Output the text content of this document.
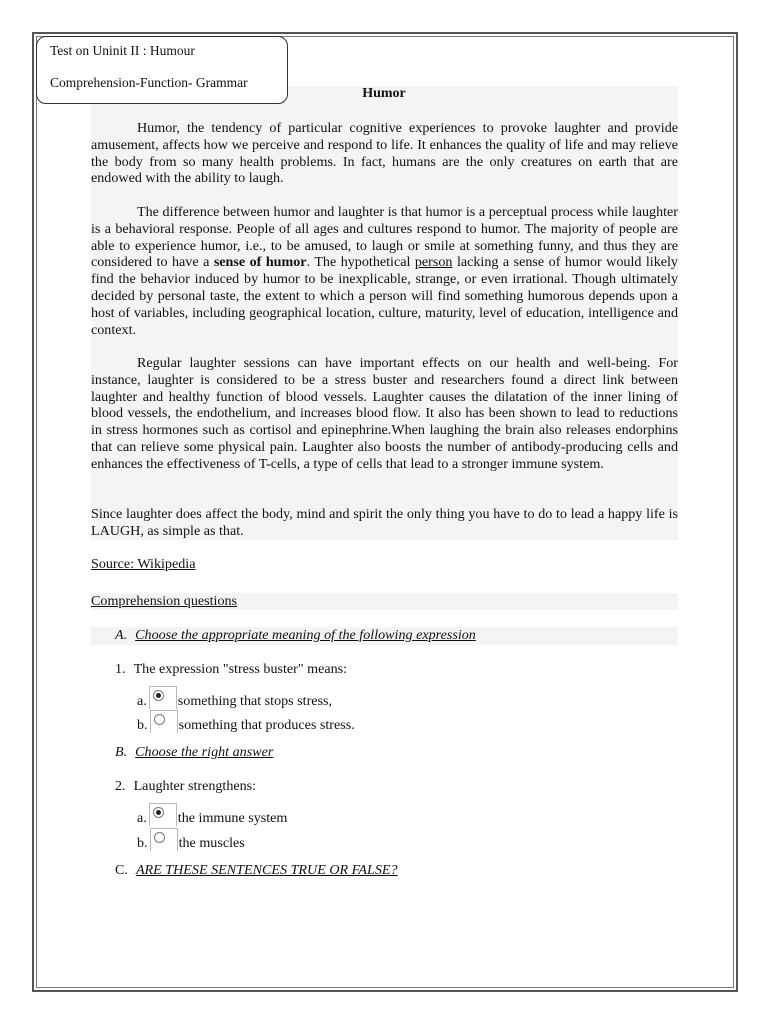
Test on Uninit II : Humour
Comprehension-Function- Grammar
Humor
Humor, the tendency of particular cognitive experiences to provoke laughter and provide amusement, affects how we perceive and respond to life. It enhances the quality of life and may relieve the body from so many health problems. In fact, humans are the only creatures on earth that are endowed with the ability to laugh.
The difference between humor and laughter is that humor is a perceptual process while laughter is a behavioral response. People of all ages and cultures respond to humor. The majority of people are able to experience humor, i.e., to be amused, to laugh or smile at something funny, and thus they are considered to have a sense of humor. The hypothetical person lacking a sense of humor would likely find the behavior induced by humor to be inexplicable, strange, or even irrational. Though ultimately decided by personal taste, the extent to which a person will find something humorous depends upon a host of variables, including geographical location, culture, maturity, level of education, intelligence and context.
Regular laughter sessions can have important effects on our health and well-being. For instance, laughter is considered to be a stress buster and researchers found a direct link between laughter and healthy function of blood vessels. Laughter causes the dilatation of the inner lining of blood vessels, the endothelium, and increases blood flow. It also has been shown to lead to reductions in stress hormones such as cortisol and epinephrine.When laughing the brain also releases endorphins that can relieve some physical pain. Laughter also boosts the number of antibody-producing cells and enhances the effectiveness of T-cells, a type of cells that lead to a stronger immune system.
Since laughter does affect the body, mind and spirit the only thing you have to do to lead a happy life is LAUGH, as simple as that.
Source: Wikipedia
Comprehension questions
A. Choose the appropriate meaning of the following expression
1. The expression "stress buster" means:
a. something that stops stress,
b. something that produces stress.
B. Choose the right answer
2. Laughter strengthens:
a. the immune system
b. the muscles
C. ARE THESE SENTENCES TRUE OR FALSE?
